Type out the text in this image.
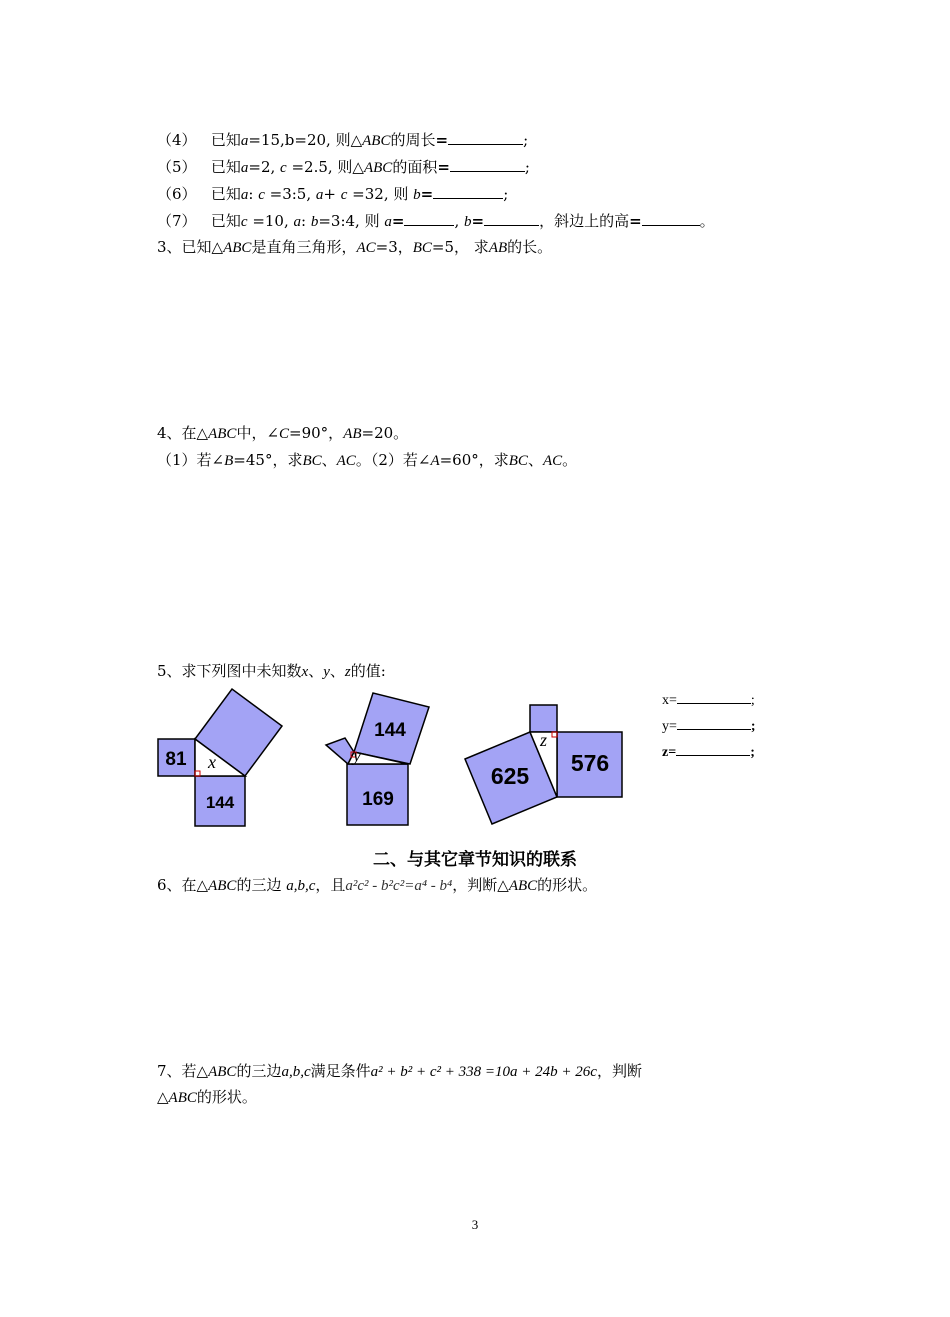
（4） 已知a=15,b=20, 则△ABC的周长=	;
（5） 已知a=2, c =2.5, 则△ABC的面积=	;
（6） 已知a: c =3:5, a+ c =32, 则 b=	;
（7） 已知c =10, a: b=3:4, 则 a=	, b=	，斜边上的高=	。
3、已知△ABC是直角三角形，AC=3，BC=5， 求AB的长。
4、在△ABC中，∠C=90°，AB=20。
（1）若∠B=45°，求BC、AC。（2）若∠A=60°，求BC、AC。
5、求下列图中未知数x、y、z的值:
81
144
x
144
169
y
625 576
z
x=	;
y=	;
z=	;
二、与其它章节知识的联系
6、在△ABC的三边 a,b,c，且a²c² - b²c²=a⁴ - b⁴，判断△ABC的形状。
7、若△ABC的三边a,b,c满足条件a² + b² + c² + 338 =10a + 24b + 26c，判断
△ABC的形状。
3
